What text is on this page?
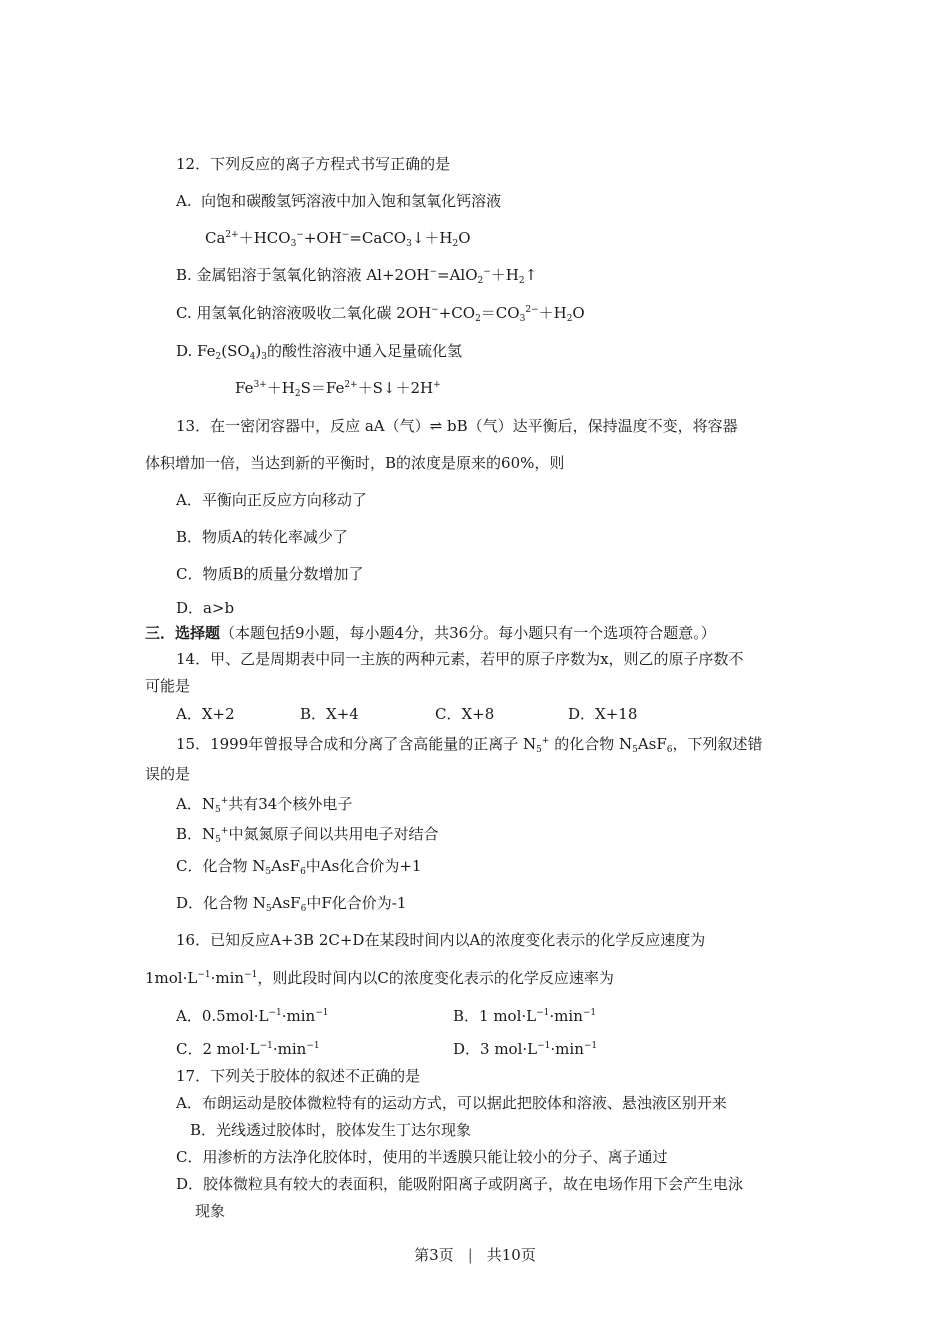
12．下列反应的离子方程式书写正确的是
A. 向饱和碳酸氢钙溶液中加入饱和氢氧化钙溶液
$Ca^{2+}+HCO_3^-+OH^-=CaCO_3↓+H_2O$
B. 金属铝溶于氢氧化钠溶液 $Al+2OH^-=AlO_2^-+H_2↑$
C. 用氢氧化钠溶液吸收二氧化碳 $2OH^-+CO_2=CO_3^{2-}+H_2O$
D. $Fe_2(SO_4)_3$的酸性溶液中通入足量硫化氢
$Fe^{3+}+H_2S=Fe^{2+}+S↓+2H^+$
13．在一密闭容器中，反应 aA（气）⇌ bB（气）达平衡后，保持温度不变，将容器
体积增加一倍，当达到新的平衡时，B的浓度是原来的60%，则
A．平衡向正反应方向移动了
B．物质A的转化率减少了
C．物质B的质量分数增加了
D．a>b
三．选择题（本题包括9小题，每小题4分，共36分。每小题只有一个选项符合题意。）
14．甲、乙是周期表中同一主族的两种元素，若甲的原子序数为x，则乙的原子序数不
可能是
A．X+2	B．X+4	C．X+8	D．X+18
15．1999年曾报导合成和分离了含高能量的正离子 $N_5^+$ 的化合物 $N_5AsF_6$，下列叙述错
误的是
A．$N_5^+$共有34个核外电子
B．$N_5^+$中氮氮原子间以共用电子对结合
C．化合物 $N_5AsF_6$中As化合价为+1
D．化合物 $N_5AsF_6$中F化合价为-1
16．已知反应A+3B 2C+D在某段时间内以A的浓度变化表示的化学反应速度为
$1mol\cdot L^{-1}\cdot\min^{-1}$，则此段时间内以C的浓度变化表示的化学反应速率为
A．$0.5mol\cdot L^{-1}\cdot\min^{-1}$	B．1 $mol\cdot L^{-1}\cdot\min^{-1}$
C．2 $mol\cdot L^{-1}\cdot\min^{-1}$	D．3 $mol\cdot L^{-1}\cdot\min^{-1}$
17．下列关于胶体的叙述不正确的是
A．布朗运动是胶体微粒特有的运动方式，可以据此把胶体和溶液、悬浊液区别开来
B．光线透过胶体时，胶体发生丁达尔现象
C．用渗析的方法净化胶体时，使用的半透膜只能让较小的分子、离子通过
D．胶体微粒具有较大的表面积，能吸附阳离子或阴离子，故在电场作用下会产生电泳
现象
第3页 | 共10页
